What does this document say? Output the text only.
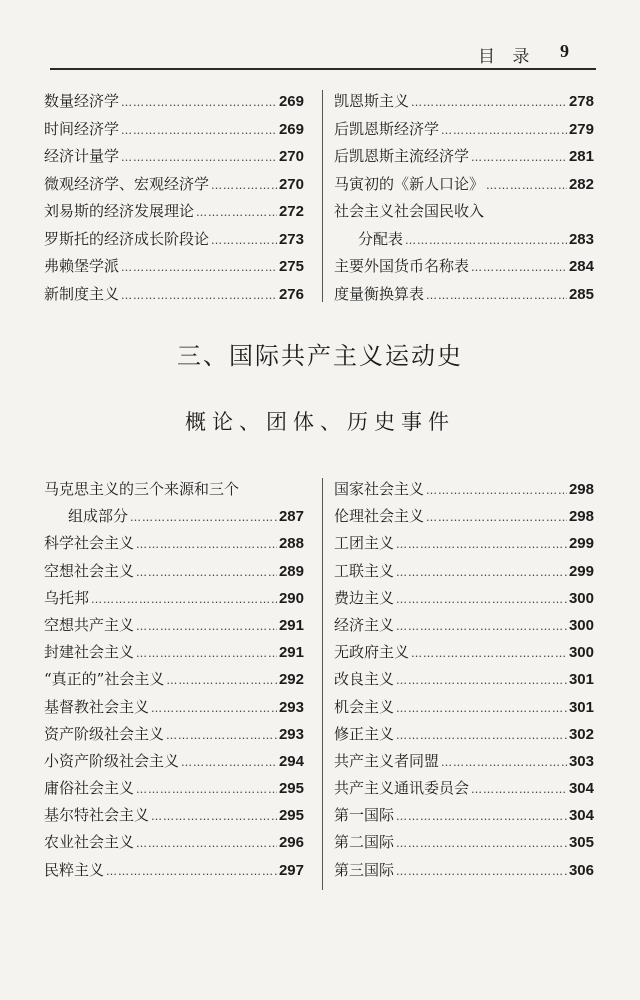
目 录 9
数量经济学 ……………………………………………………………………………………………………	269
时间经济学 ……………………………………………………………………………………………………	269
经济计量学 ……………………………………………………………………………………………………	270
微观经济学、宏观经济学 ……………………………………………………………………………………………………	270
刘易斯的经济发展理论 ……………………………………………………………………………………………………	272
罗斯托的经济成长阶段论 ……………………………………………………………………………………………………	273
弗赖堡学派 ……………………………………………………………………………………………………	275
新制度主义 ……………………………………………………………………………………………………	276
凯恩斯主义 ……………………………………………………………………………………………………	278
后凯恩斯经济学 ……………………………………………………………………………………………………	279
后凯恩斯主流经济学 ……………………………………………………………………………………………………	281
马寅初的《新人口论》 ……………………………………………………………………………………………………	282
社会主义社会国民收入
分配表 ……………………………………………………………………………………………………	283
主要外国货币名称表 ……………………………………………………………………………………………………	284
度量衡换算表 ……………………………………………………………………………………………………	285
三、国际共产主义运动史
概论、团体、历史事件
马克思主义的三个来源和三个
组成部分 ……………………………………………………………………………………………………	287
科学社会主义 ……………………………………………………………………………………………………	288
空想社会主义 ……………………………………………………………………………………………………	289
乌托邦 ……………………………………………………………………………………………………	290
空想共产主义 ……………………………………………………………………………………………………	291
封建社会主义 ……………………………………………………………………………………………………	291
“真正的”社会主义 ……………………………………………………………………………………………………	292
基督教社会主义 ……………………………………………………………………………………………………	293
资产阶级社会主义 ……………………………………………………………………………………………………	293
小资产阶级社会主义 ……………………………………………………………………………………………………	294
庸俗社会主义 ……………………………………………………………………………………………………	295
基尔特社会主义 ……………………………………………………………………………………………………	295
农业社会主义 ……………………………………………………………………………………………………	296
民粹主义 ……………………………………………………………………………………………………	297
国家社会主义 ……………………………………………………………………………………………………	298
伦理社会主义 ……………………………………………………………………………………………………	298
工团主义 ……………………………………………………………………………………………………	299
工联主义 ……………………………………………………………………………………………………	299
费边主义 ……………………………………………………………………………………………………	300
经济主义 ……………………………………………………………………………………………………	300
无政府主义 ……………………………………………………………………………………………………	300
改良主义 ……………………………………………………………………………………………………	301
机会主义 ……………………………………………………………………………………………………	301
修正主义 ……………………………………………………………………………………………………	302
共产主义者同盟 ……………………………………………………………………………………………………	303
共产主义通讯委员会 ……………………………………………………………………………………………………	304
第一国际 ……………………………………………………………………………………………………	304
第二国际 ……………………………………………………………………………………………………	305
第三国际 ……………………………………………………………………………………………………	306
